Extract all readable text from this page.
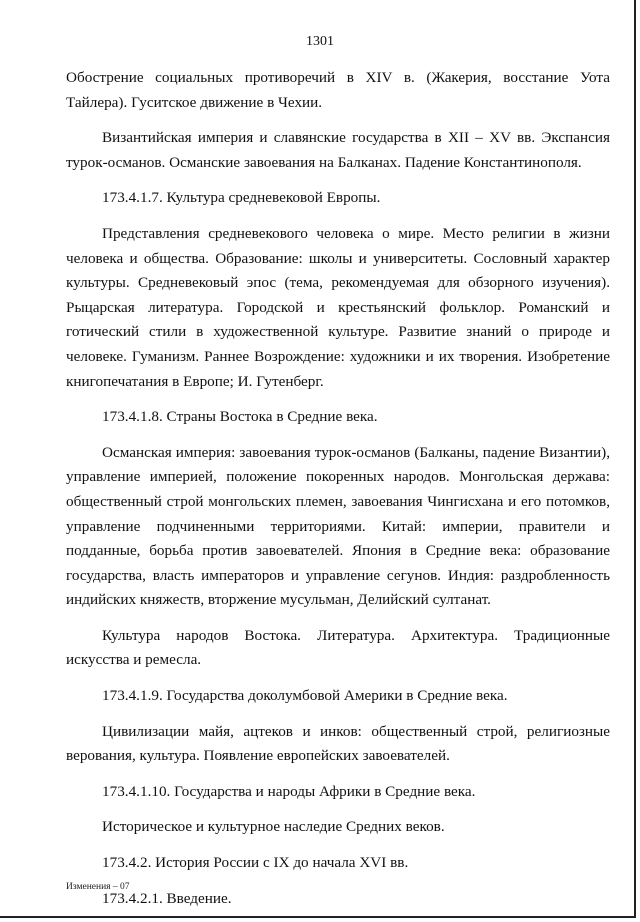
1301

Обострение социальных противоречий в XIV в. (Жакерия, восстание Уота Тайлера). Гуситское движение в Чехии.

Византийская империя и славянские государства в XII – XV вв. Экспансия турок-османов. Османские завоевания на Балканах. Падение Константинополя.

173.4.1.7. Культура средневековой Европы.

Представления средневекового человека о мире. Место религии в жизни человека и общества. Образование: школы и университеты. Сословный характер культуры. Средневековый эпос (тема, рекомендуемая для обзорного изучения). Рыцарская литература. Городской и крестьянский фольклор. Романский и готический стили в художественной культуре. Развитие знаний о природе и человеке. Гуманизм. Раннее Возрождение: художники и их творения. Изобретение книгопечатания в Европе; И. Гутенберг.

173.4.1.8. Страны Востока в Средние века.

Османская империя: завоевания турок-османов (Балканы, падение Византии), управление империей, положение покоренных народов. Монгольская держава: общественный строй монгольских племен, завоевания Чингисхана и его потомков, управление подчиненными территориями. Китай: империи, правители и подданные, борьба против завоевателей. Япония в Средние века: образование государства, власть императоров и управление сегунов. Индия: раздробленность индийских княжеств, вторжение мусульман, Делийский султанат.

Культура народов Востока. Литература. Архитектура. Традиционные искусства и ремесла.

173.4.1.9. Государства доколумбовой Америки в Средние века.

Цивилизации майя, ацтеков и инков: общественный строй, религиозные верования, культура. Появление европейских завоевателей.

173.4.1.10. Государства и народы Африки в Средние века.

Историческое и культурное наследие Средних веков.

173.4.2. История России с IX до начала XVI вв.

173.4.2.1. Введение.

Изменения – 07
